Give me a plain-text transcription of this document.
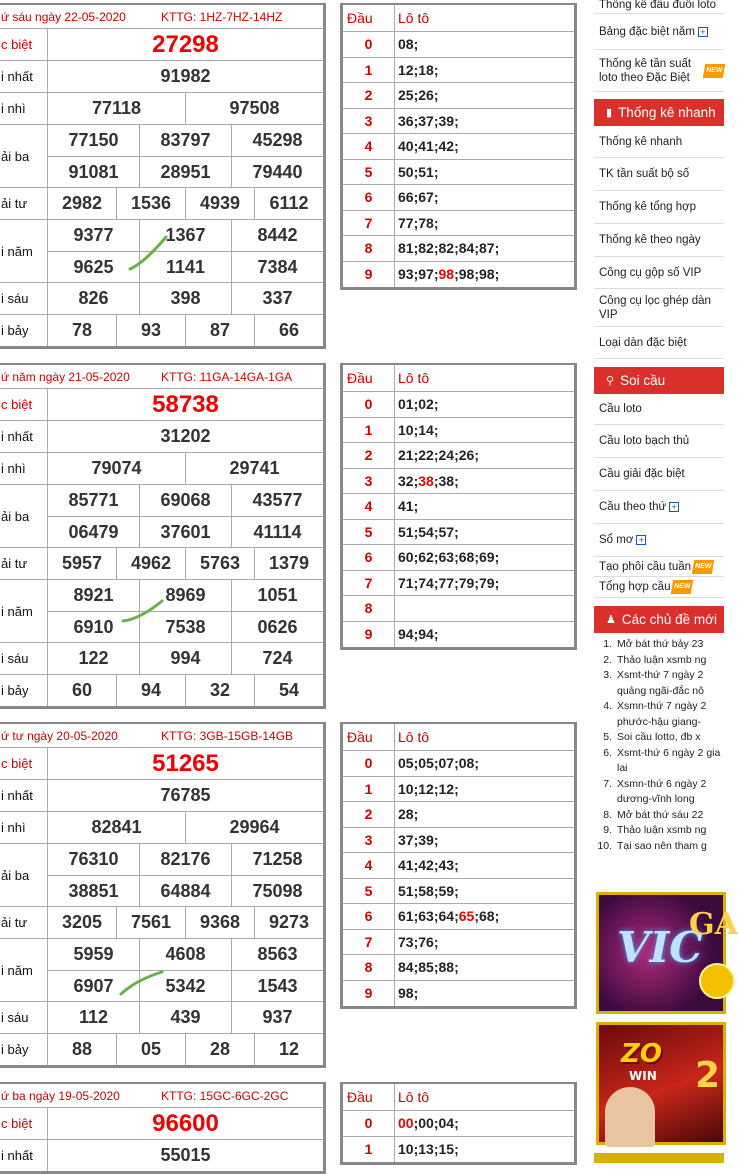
ứ sáu ngày 22-05-2020	KTTG: 1HZ-7HZ-14HZ
c biệt	27298
i nhất	91982
i nhì	77118	97508
ải ba
77150	83797	45298
91081	28951	79440
ải tư	2982	1536	4939	6112
i năm
9377	1367	8442
9625	1141	7384
i sáu	826	398	337
i bảy	78	93	87	66
Đầu	Lô tô
0	08 ;
1	12 ; 18 ;
2	25 ; 26 ;
3	36 ; 37 ; 39 ;
4	40 ; 41 ; 42 ;
5	50 ; 51 ;
6	66 ; 67 ;
7	77 ; 78 ;
8	81 ; 82 ; 82 ; 84 ; 87 ;
9	93 ; 97 ; 98 ; 98 ; 98 ;
ứ năm ngày 21-05-2020	KTTG: 11GA-14GA-1GA
c biệt	58738
i nhất	31202
i nhì	79074	29741
ải ba
85771	69068	43577
06479	37601	41114
ải tư	5957	4962	5763	1379
i năm
8921	8969	1051
6910	7538	0626
i sáu	122	994	724
i bảy	60	94	32	54
Đầu	Lô tô
0	01 ; 02 ;
1	10 ; 14 ;
2	21 ; 22 ; 24 ; 26 ;
3	32 ; 38 ; 38 ;
4	41 ;
5	51 ; 54 ; 57 ;
6	60 ; 62 ; 63 ; 68 ; 69 ;
7	71 ; 74 ; 77 ; 79 ; 79 ;
8
9	94 ; 94 ;
ứ tư ngày 20-05-2020	KTTG: 3GB-15GB-14GB
c biệt	51265
i nhất	76785
i nhì	82841	29964
ải ba
76310	82176	71258
38851	64884	75098
ải tư	3205	7561	9368	9273
i năm
5959	4608	8563
6907	5342	1543
i sáu	112	439	937
i bảy	88	05	28	12
Đầu	Lô tô
0	05 ; 05 ; 07 ; 08 ;
1	10 ; 12 ; 12 ;
2	28 ;
3	37 ; 39 ;
4	41 ; 42 ; 43 ;
5	51 ; 58 ; 59 ;
6	61 ; 63 ; 64 ; 65 ; 68 ;
7	73 ; 76 ;
8	84 ; 85 ; 88 ;
9	98 ;
ứ ba ngày 19-05-2020	KTTG: 15GC-6GC-2GC
c biệt	96600
i nhất	55015
Đầu	Lô tô
0	00 ; 00 ; 04 ;
1	10 ; 13 ; 15 ;
Thống kê đầu đuôi loto
Bảng đặc biệt năm +
Thống kê tần suất loto theo Đặc Biệt
NEW
▮ Thống kê nhanh
Thống kê nhanh
TK tần suất bộ số
Thống kê tổng hợp
Thống kê theo ngày
Công cụ gộp số VIP
Công cụ lọc ghép dàn VIP
Loại dàn đặc biệt
⚲ Soi cầu
Cầu loto
Cầu loto bạch thủ
Cầu giải đặc biệt
Cầu theo thứ +
Sổ mơ +
Tạo phôi cầu tuần NEW
Tổng hợp cầu NEW
♟ Các chủ đề mới
1. Mở bát thứ bảy 23
2. Thảo luận xsmb ng
3. Xsmt-thứ 7 ngày 2 quảng ngãi-đắc nô
4. Xsmn-thứ 7 ngày 2 phước-hậu giang-
5. Soi cầu lotto, đb x
6. Xsmt-thứ 6 ngày 2 gia lai
7. Xsmn-thứ 6 ngày 2 dương-vĩnh long
8. Mở bát thứ sáu 22
9. Thảo luận xsmb ng
10. Tại sao nên tham g
VIC
GA
ZO
WIN 2
